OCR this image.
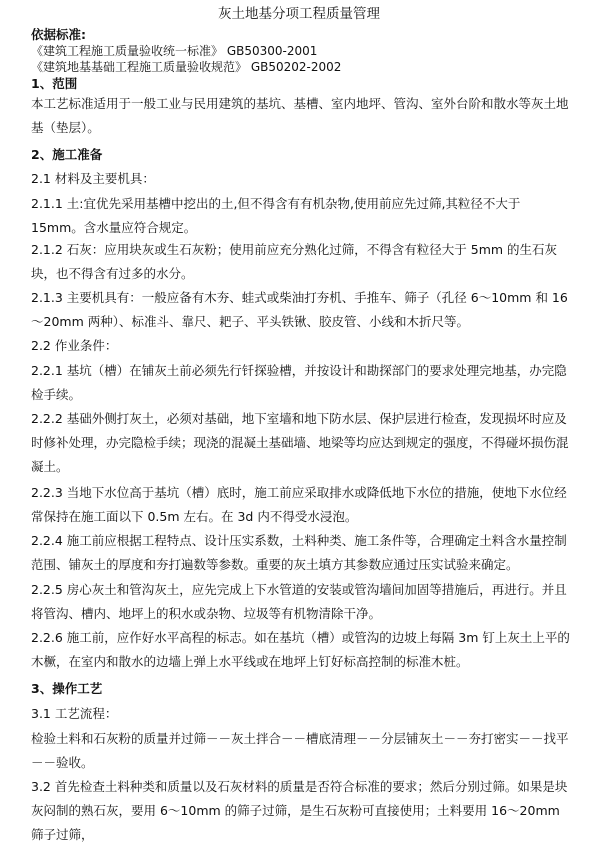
灰土地基分项工程质量管理
依据标准:
《建筑工程施工质量验收统一标准》 GB50300-2001
《建筑地基基础工程施工质量验收规范》 GB50202-2002
1、范围

本工艺标准适用于一般工业与民用建筑的基坑、基槽、室内地坪、管沟、室外台阶和散水等灰土地基（垫层）。

2、施工准备

2.1 材料及主要机具：

2.1.1 土:宜优先采用基槽中挖出的土,但不得含有有机杂物,使用前应先过筛,其粒径不大于 15mm。含水量应符合规定。

2.1.2 石灰：应用块灰或生石灰粉；使用前应充分熟化过筛，不得含有粒径大于 5mm 的生石灰块，也不得含有过多的水分。

2.1.3 主要机具有：一般应备有木夯、蛙式或柴油打夯机、手推车、筛子（孔径 6～10mm 和 16～20mm 两种）、标准斗、靠尺、耙子、平头铁锹、胶皮管、小线和木折尺等。

2.2 作业条件：

2.2.1 基坑（槽）在铺灰土前必须先行钎探验槽，并按设计和勘探部门的要求处理完地基，办完隐检手续。

2.2.2 基础外侧打灰土，必须对基础，地下室墙和地下防水层、保护层进行检查，发现损坏时应及时修补处理，办完隐检手续；现浇的混凝土基础墙、地梁等均应达到规定的强度，不得碰坏损伤混凝土。

2.2.3 当地下水位高于基坑（槽）底时，施工前应采取排水或降低地下水位的措施，使地下水位经常保持在施工面以下 0.5m 左右。在 3d 内不得受水浸泡。

2.2.4 施工前应根据工程特点、设计压实系数，土料种类、施工条件等，合理确定土料含水量控制范围、铺灰土的厚度和夯打遍数等参数。重要的灰土填方其参数应通过压实试验来确定。

2.2.5 房心灰土和管沟灰土，应先完成上下水管道的安装或管沟墙间加固等措施后，再进行。并且将管沟、槽内、地坪上的积水或杂物、垃圾等有机物清除干净。

2.2.6 施工前，应作好水平高程的标志。如在基坑（槽）或管沟的边坡上每隔 3m 钉上灰土上平的木橛，在室内和散水的边墙上弹上水平线或在地坪上钉好标高控制的标准木桩。

3、操作工艺

3.1 工艺流程：

检验土料和石灰粉的质量并过筛－－灰土拌合－－槽底清理－－分层铺灰土－－夯打密实－－找平－－验收。

3.2 首先检查土料种类和质量以及石灰材料的质量是否符合标准的要求；然后分别过筛。如果是块灰闷制的熟石灰，要用 6～10mm 的筛子过筛，是生石灰粉可直接使用；土料要用 16～20mm 筛子过筛，
